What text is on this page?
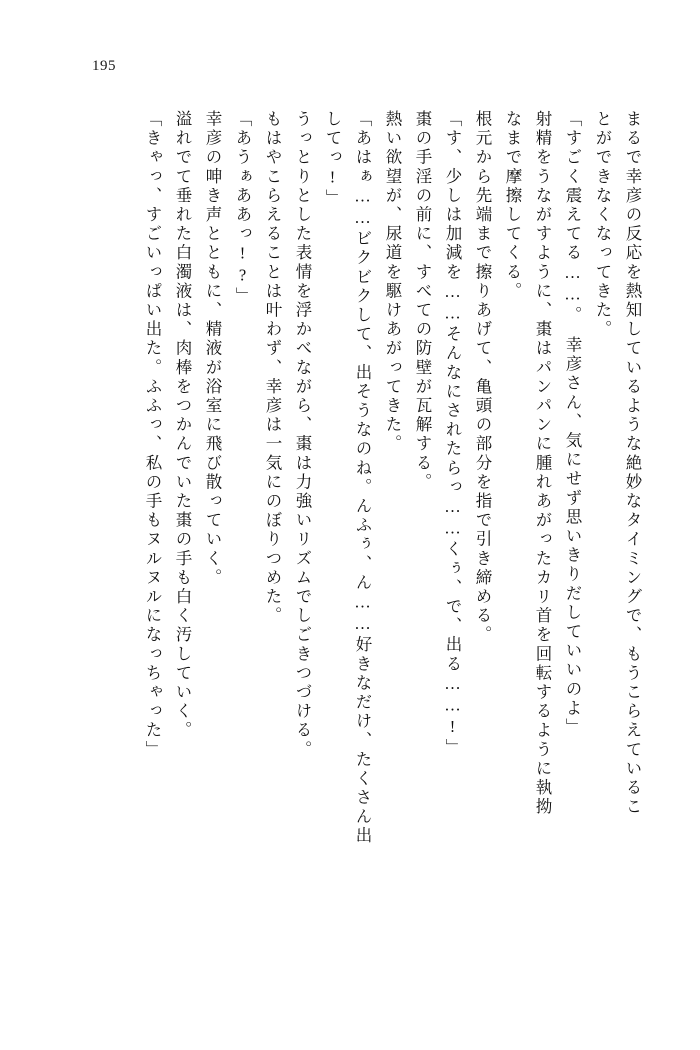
195
まるで幸彦の反応を熱知しているような絶妙なタイミングで、もうこらえているこ
とができなくなってきた。
「すごく震えてる……。　幸彦さん、気にせず思いきりだしていいのよ」
射精をうながすように、棗はパンパンに腫れあがったカリ首を回転するように執拗
なまで摩擦してくる。
根元から先端まで擦りあげて、亀頭の部分を指で引き締める。
「す、少しは加減を……そんなにされたらっ……くぅ、で、出る……!」
棗の手淫の前に、すべての防壁が瓦解する。
熱い欲望が、尿道を駆けあがってきた。
「あはぁ……ビクビクして、出そうなのね。んふぅ、ん……好きなだけ、たくさん出
してっ!」
うっとりとした表情を浮かべながら、棗は力強いリズムでしごきつづける。
もはやこらえることは叶わず、幸彦は一気にのぼりつめた。
「あうぁああっ!?」
幸彦の呻き声とともに、精液が浴室に飛び散っていく。
溢れでて垂れた白濁液は、肉棒をつかんでいた棗の手も白く汚していく。
「きゃっ、すごいっぱい出た。ふふっ、私の手もヌルヌルになっちゃった」
